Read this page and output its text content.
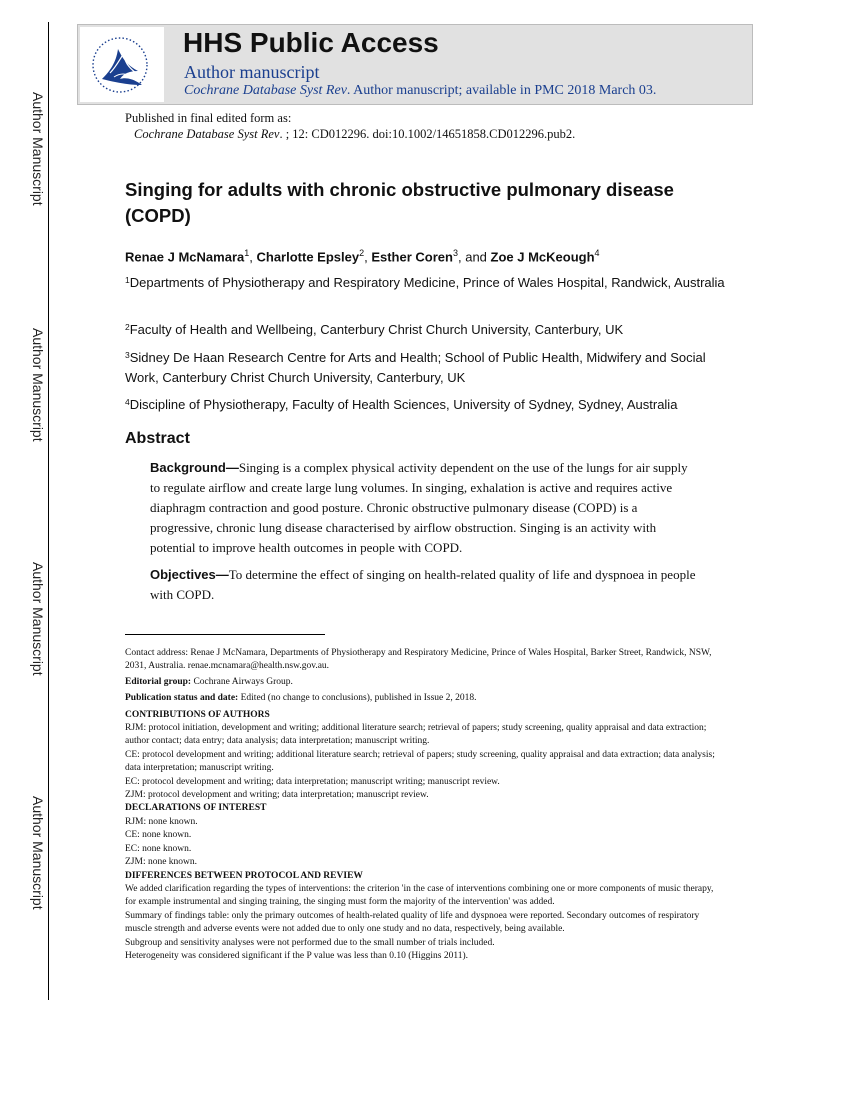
Author Manuscript
Author Manuscript
Author Manuscript
Author Manuscript
HHS Public Access
Author manuscript
Cochrane Database Syst Rev. Author manuscript; available in PMC 2018 March 03.
Published in final edited form as:
Cochrane Database Syst Rev. ; 12: CD012296. doi:10.1002/14651858.CD012296.pub2.
Singing for adults with chronic obstructive pulmonary disease (COPD)
Renae J McNamara$^1$, Charlotte Epsley$^2$, Esther Coren$^3$, and Zoe J McKeough$^4$
$^1$Departments of Physiotherapy and Respiratory Medicine, Prince of Wales Hospital, Randwick, Australia
$^2$Faculty of Health and Wellbeing, Canterbury Christ Church University, Canterbury, UK
$^3$Sidney De Haan Research Centre for Arts and Health; School of Public Health, Midwifery and Social Work, Canterbury Christ Church University, Canterbury, UK
$^4$Discipline of Physiotherapy, Faculty of Health Sciences, University of Sydney, Sydney, Australia
Abstract
Background—Singing is a complex physical activity dependent on the use of the lungs for air supply to regulate airflow and create large lung volumes. In singing, exhalation is active and requires active diaphragm contraction and good posture. Chronic obstructive pulmonary disease (COPD) is a progressive, chronic lung disease characterised by airflow obstruction. Singing is an activity with potential to improve health outcomes in people with COPD.
Objectives—To determine the effect of singing on health-related quality of life and dyspnoea in people with COPD.
Contact address: Renae J McNamara, Departments of Physiotherapy and Respiratory Medicine, Prince of Wales Hospital, Barker Street, Randwick, NSW, 2031, Australia. renae.mcnamara@health.nsw.gov.au.
Editorial group: Cochrane Airways Group.
Publication status and date: Edited (no change to conclusions), published in Issue 2, 2018.
CONTRIBUTIONS OF AUTHORS
RJM: protocol initiation, development and writing; additional literature search; retrieval of papers; study screening, quality appraisal and data extraction; author contact; data entry; data analysis; data interpretation; manuscript writing.
CE: protocol development and writing; additional literature search; retrieval of papers; study screening, quality appraisal and data extraction; data analysis; data interpretation; manuscript writing.
EC: protocol development and writing; data interpretation; manuscript writing; manuscript review.
ZJM: protocol development and writing; data interpretation; manuscript review.
DECLARATIONS OF INTEREST
RJM: none known.
CE: none known.
EC: none known.
ZJM: none known.
DIFFERENCES BETWEEN PROTOCOL AND REVIEW
We added clarification regarding the types of interventions: the criterion 'in the case of interventions combining one or more components of music therapy, for example instrumental and singing training, the singing must form the majority of the intervention' was added.
Summary of findings table: only the primary outcomes of health-related quality of life and dyspnoea were reported. Secondary outcomes of respiratory muscle strength and adverse events were not added due to only one study and no data, respectively, being available.
Subgroup and sensitivity analyses were not performed due to the small number of trials included.
Heterogeneity was considered significant if the P value was less than 0.10 (Higgins 2011).
